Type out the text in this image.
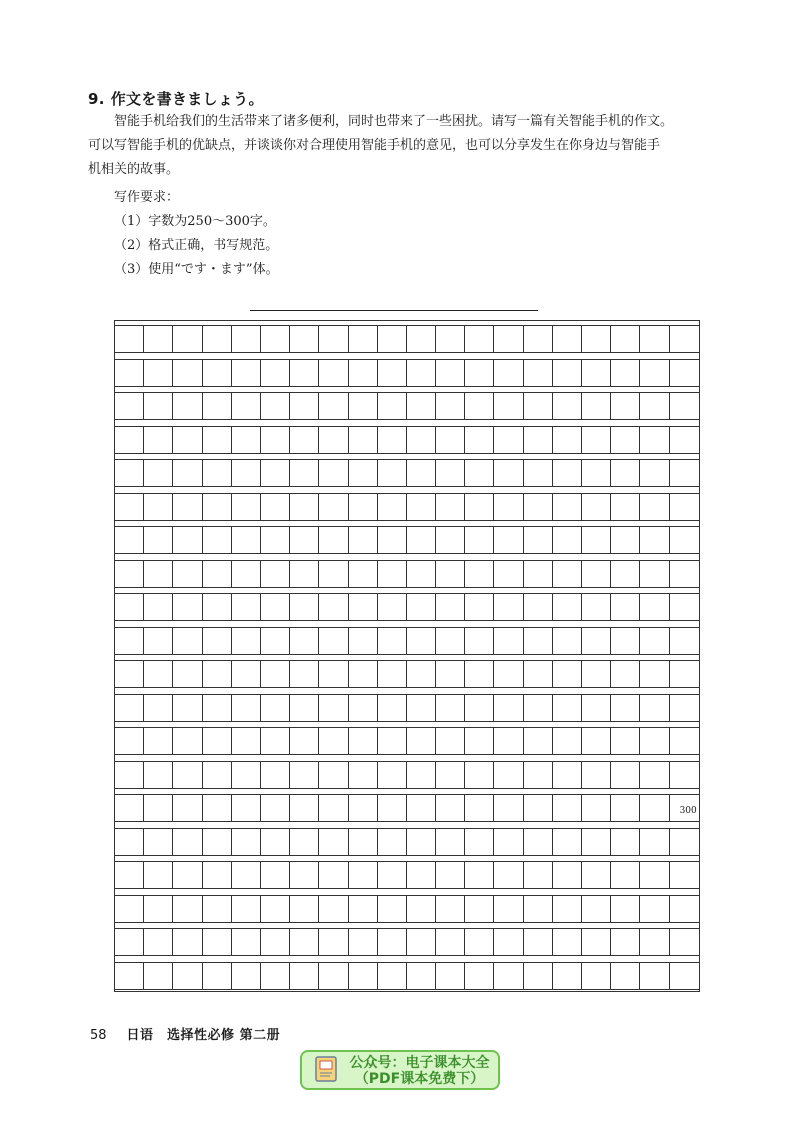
9. 作文を書きましょう。
智能手机给我们的生活带来了诸多便利，同时也带来了一些困扰。请写一篇有关智能手机的作文。
可以写智能手机的优缺点，并谈谈你对合理使用智能手机的意见，也可以分享发生在你身边与智能手
机相关的故事。
写作要求：
（1）字数为250～300字。
（2）格式正确，书写规范。
（3）使用“です・ます”体。
300
58 日语　选择性必修 第二册
公众号：电子课本大全
（PDF课本免费下）
